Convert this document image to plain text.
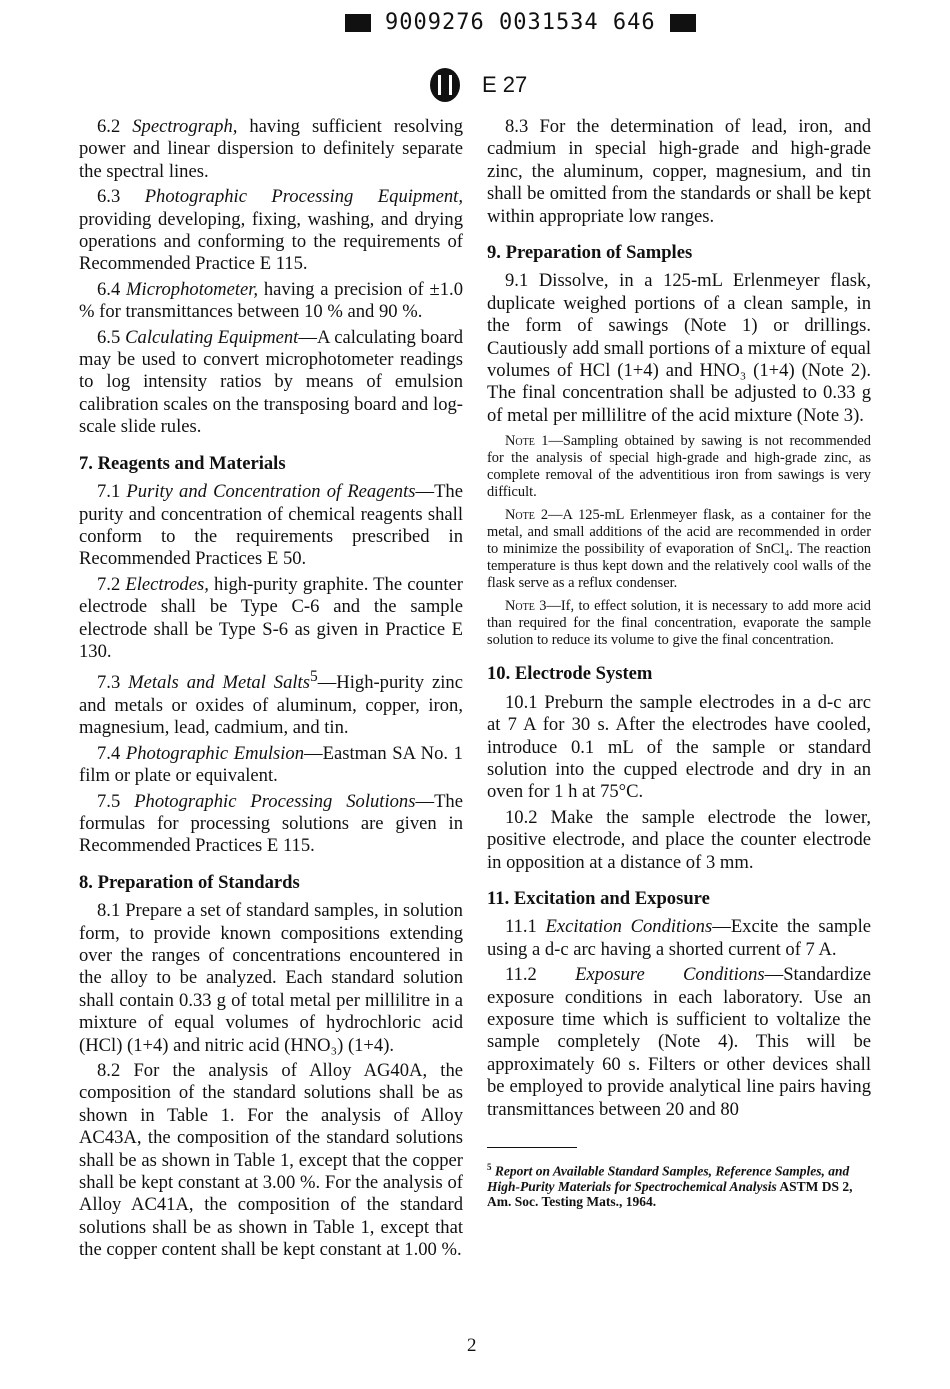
9009276 0031534 646
E 27

6.2 Spectrograph, having sufficient resolving power and linear dispersion to definitely separate the spectral lines.

6.3 Photographic Processing Equipment, providing developing, fixing, washing, and drying operations and conforming to the requirements of Recommended Practice E 115.

6.4 Microphotometer, having a precision of ±1.0 % for transmittances between 10 % and 90 %.

6.5 Calculating Equipment—A calculating board may be used to convert microphotometer readings to log intensity ratios by means of emulsion calibration scales on the transposing board and log-scale slide rules.

7. Reagents and Materials

7.1 Purity and Concentration of Reagents—The purity and concentration of chemical reagents shall conform to the requirements prescribed in Recommended Practices E 50.

7.2 Electrodes, high-purity graphite. The counter electrode shall be Type C-6 and the sample electrode shall be Type S-6 as given in Practice E 130.

7.3 Metals and Metal Salts$^5$—High-purity zinc and metals or oxides of aluminum, copper, iron, magnesium, lead, cadmium, and tin.

7.4 Photographic Emulsion—Eastman SA No. 1 film or plate or equivalent.

7.5 Photographic Processing Solutions—The formulas for processing solutions are given in Recommended Practices E 115.

8. Preparation of Standards

8.1 Prepare a set of standard samples, in solution form, to provide known compositions extending over the ranges of concentrations encountered in the alloy to be analyzed. Each standard solution shall contain 0.33 g of total metal per millilitre in a mixture of equal volumes of hydrochloric acid (HCl) (1+4) and nitric acid (HNO₃) (1+4).

8.2 For the analysis of Alloy AG40A, the composition of the standard solutions shall be as shown in Table 1. For the analysis of Alloy AC43A, the composition of the standard solutions shall be as shown in Table 1, except that the copper shall be kept constant at 3.00 %. For the analysis of Alloy AC41A, the composition of the standard solutions shall be as shown in Table 1, except that the copper content shall be kept constant at 1.00 %.

8.3 For the determination of lead, iron, and cadmium in special high-grade and high-grade zinc, the aluminum, copper, magnesium, and tin shall be omitted from the standards or shall be kept within appropriate low ranges.

9. Preparation of Samples

9.1 Dissolve, in a 125-mL Erlenmeyer flask, duplicate weighed portions of a clean sample, in the form of sawings (Note 1) or drillings. Cautiously add small portions of a mixture of equal volumes of HCl (1+4) and HNO₃ (1+4) (Note 2). The final concentration shall be adjusted to 0.33 g of metal per millilitre of the acid mixture (Note 3).

Note 1—Sampling obtained by sawing is not recommended for the analysis of special high-grade and high-grade zinc, as complete removal of the adventitious iron from sawings is very difficult.

Note 2—A 125-mL Erlenmeyer flask, as a container for the metal, and small additions of the acid are recommended in order to minimize the possibility of evaporation of SnCl₄. The reaction temperature is thus kept down and the relatively cool walls of the flask serve as a reflux condenser.

Note 3—If, to effect solution, it is necessary to add more acid than required for the final concentration, evaporate the sample solution to reduce its volume to give the final concentration.

10. Electrode System

10.1 Preburn the sample electrodes in a d-c arc at 7 A for 30 s. After the electrodes have cooled, introduce 0.1 mL of the sample or standard solution into the cupped electrode and dry in an oven for 1 h at 75°C.

10.2 Make the sample electrode the lower, positive electrode, and place the counter electrode in opposition at a distance of 3 mm.

11. Excitation and Exposure

11.1 Excitation Conditions—Excite the sample using a d-c arc having a shorted current of 7 A.

11.2 Exposure Conditions—Standardize exposure conditions in each laboratory. Use an exposure time which is sufficient to voltalize the sample completely (Note 4). This will be approximately 60 s. Filters or other devices shall be employed to provide analytical line pairs having transmittances between 20 and 80

$^5$ Report on Available Standard Samples, Reference Samples, and High-Purity Materials for Spectrochemical Analysis ASTM DS 2, Am. Soc. Testing Mats., 1964.
2
